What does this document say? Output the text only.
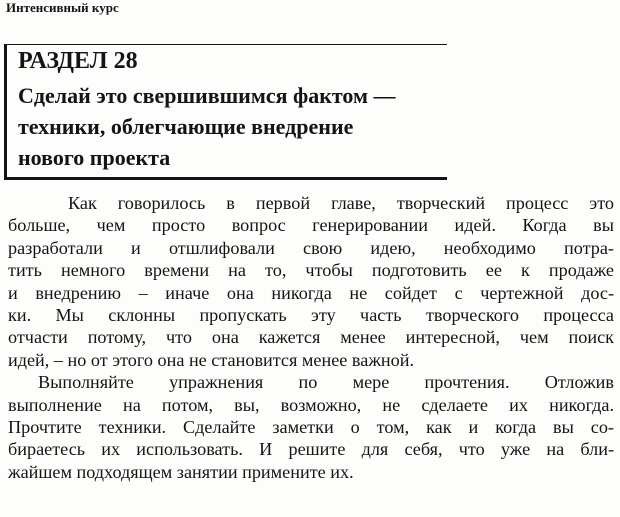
Интенсивный курс
РАЗДЕЛ 28
Сделай это свершившимся фактом —
техники, облегчающие внедрение
нового проекта
Как говорилось в первой главе, творческий процесс это
больше, чем просто вопрос генерировании идей. Когда вы
разработали и отшлифовали свою идею, необходимо потра-
тить немного времени на то, чтобы подготовить ее к продаже
и внедрению – иначе она никогда не сойдет с чертежной дос-
ки. Мы склонны пропускать эту часть творческого процесса
отчасти потому, что она кажется менее интересной, чем поиск
идей, – но от этого она не становится менее важной.
Выполняйте упражнения по мере прочтения. Отложив
выполнение на потом, вы, возможно, не сделаете их никогда.
Прочтите техники. Сделайте заметки о том, как и когда вы со-
бираетесь их использовать. И решите для себя, что уже на бли-
жайшем подходящем занятии примените их.
